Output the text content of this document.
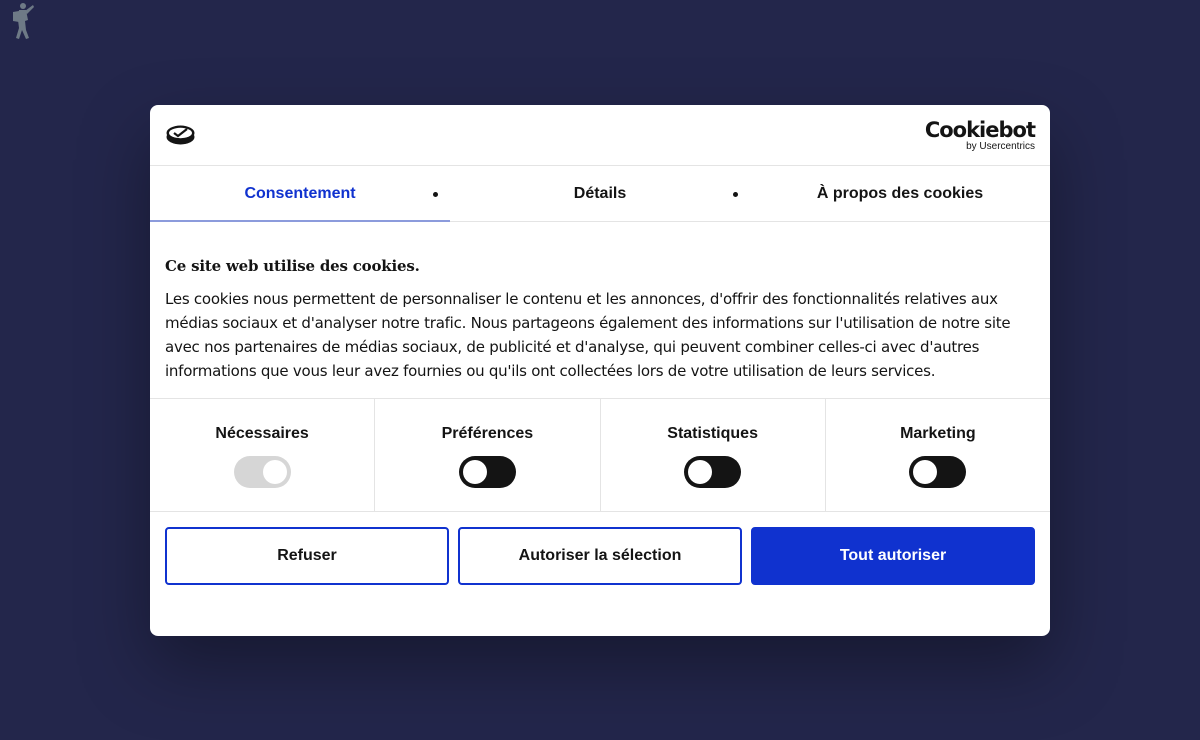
Cookiebot
by Usercentrics
Consentement	Détails	À propos des cookies
Ce site web utilise des cookies.

Les cookies nous permettent de personnaliser le contenu et les annonces, d'offrir des fonctionnalités relatives aux médias sociaux et d'analyser notre trafic. Nous partageons également des informations sur l'utilisation de notre site avec nos partenaires de médias sociaux, de publicité et d'analyse, qui peuvent combiner celles-ci avec d'autres informations que vous leur avez fournies ou qu'ils ont collectées lors de votre utilisation de leurs services.

Nécessaires	Préférences	Statistiques	Marketing
Refuser	Autoriser la sélection	Tout autoriser
